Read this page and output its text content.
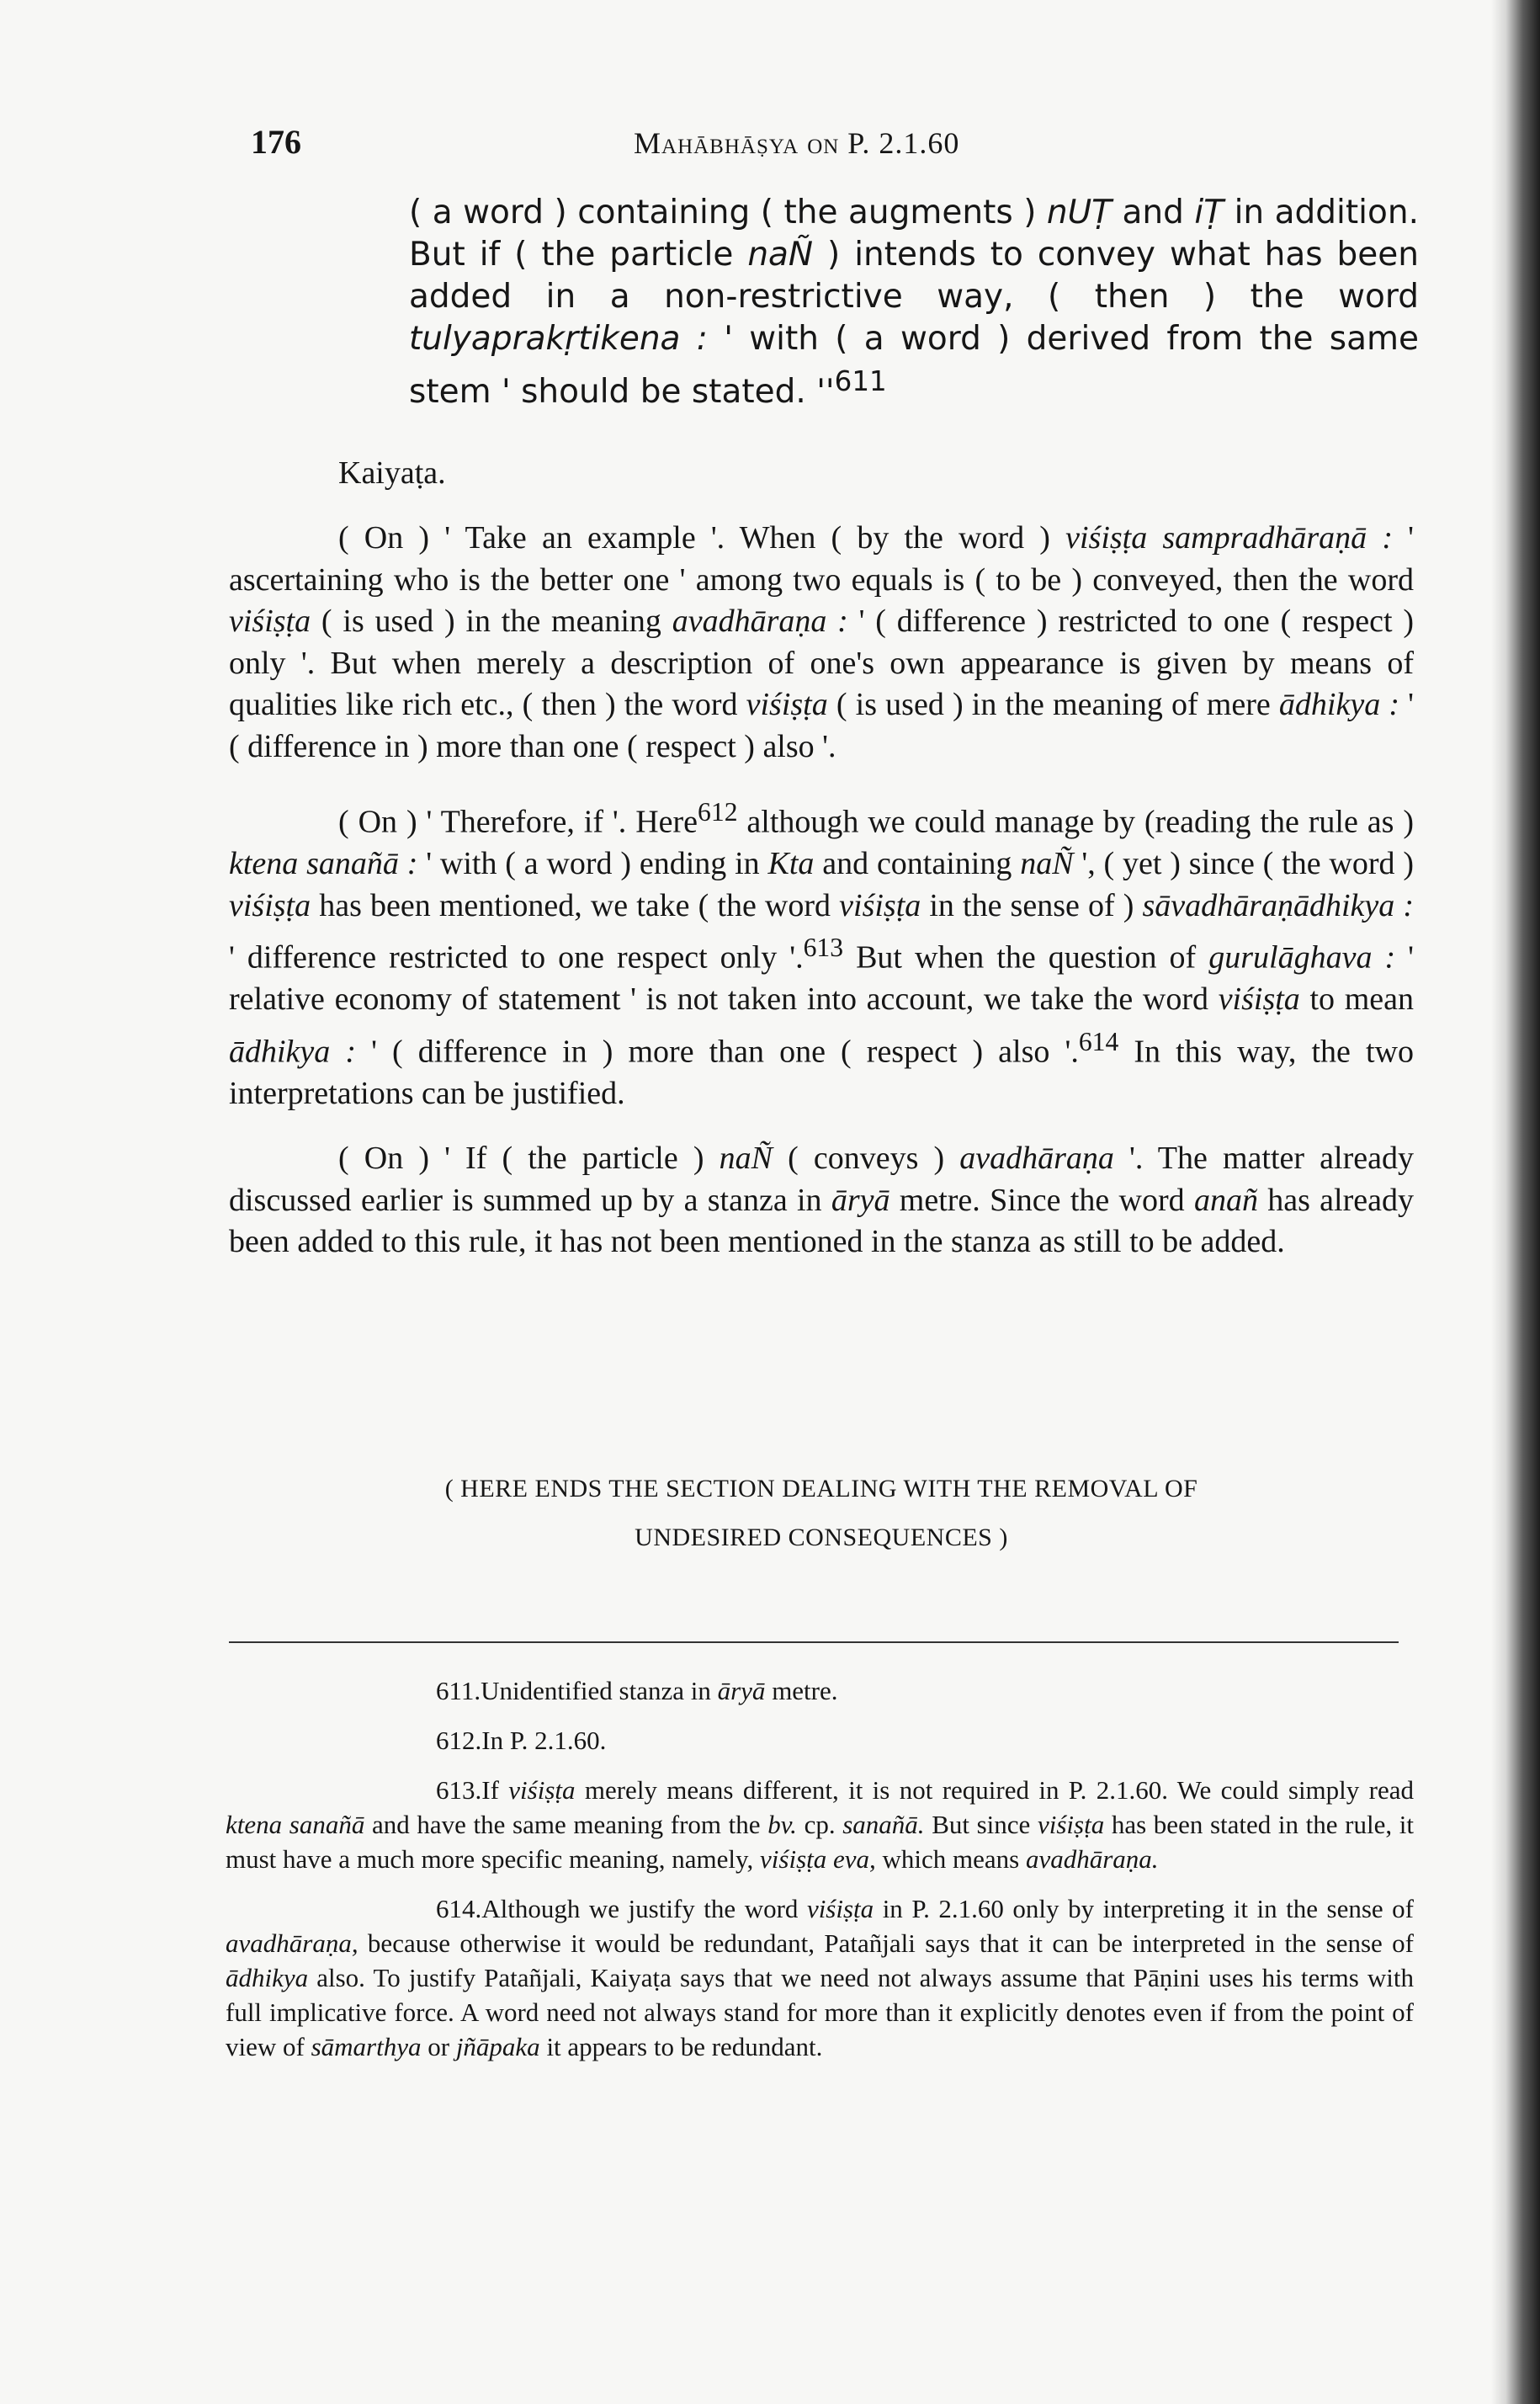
176	Mahābhāṣya on P. 2.1.60

( a word ) containing ( the augments ) nUṬ and iṬ in addition. But if ( the particle naÑ ) intends to convey what has been added in a non-restrictive way, ( then ) the word tulyaprakṛtikena : ' with ( a word ) derived from the same stem ' should be stated. ''$^{611}$

Kaiyaṭa.

( On ) ' Take an example '. When ( by the word ) viśiṣṭa sampradhāraṇā : ' ascertaining who is the better one ' among two equals is ( to be ) conveyed, then the word viśiṣṭa ( is used ) in the meaning avadhāraṇa : ' ( difference ) restricted to one ( respect ) only '. But when merely a description of one's own appearance is given by means of qualities like rich etc., ( then ) the word viśiṣṭa ( is used ) in the meaning of mere ādhikya : ' ( difference in ) more than one ( respect ) also '.

( On ) ' Therefore, if '. Here$^{612}$ although we could manage by (reading the rule as ) ktena sanañā : ' with ( a word ) ending in Kta and containing naÑ ', ( yet ) since ( the word ) viśiṣṭa has been mentioned, we take ( the word viśiṣṭa in the sense of ) sāvadhāraṇādhikya : ' difference restricted to one respect only '.$^{613}$ But when the question of gurulāghava : ' relative economy of statement ' is not taken into account, we take the word viśiṣṭa to mean ādhikya : ' ( difference in ) more than one ( respect ) also '.$^{614}$ In this way, the two interpretations can be justified.

( On ) ' If ( the particle ) naÑ ( conveys ) avadhāraṇa '. The matter already discussed earlier is summed up by a stanza in āryā metre. Since the word anañ has already been added to this rule, it has not been mentioned in the stanza as still to be added.

( HERE ENDS THE SECTION DEALING WITH THE REMOVAL OF
UNDESIRED CONSEQUENCES )

611.Unidentified stanza in āryā metre.

612.In P. 2.1.60.

613.If viśiṣṭa merely means different, it is not required in P. 2.1.60. We could simply read ktena sanañā and have the same meaning from the bv. cp. sanañā. But since viśiṣṭa has been stated in the rule, it must have a much more specific meaning, namely, viśiṣṭa eva, which means avadhāraṇa.

614.Although we justify the word viśiṣṭa in P. 2.1.60 only by interpreting it in the sense of avadhāraṇa, because otherwise it would be redundant, Patañjali says that it can be interpreted in the sense of ādhikya also. To justify Patañjali, Kaiyaṭa says that we need not always assume that Pāṇini uses his terms with full implicative force. A word need not always stand for more than it explicitly denotes even if from the point of view of sāmarthya or jñāpaka it appears to be redundant.
